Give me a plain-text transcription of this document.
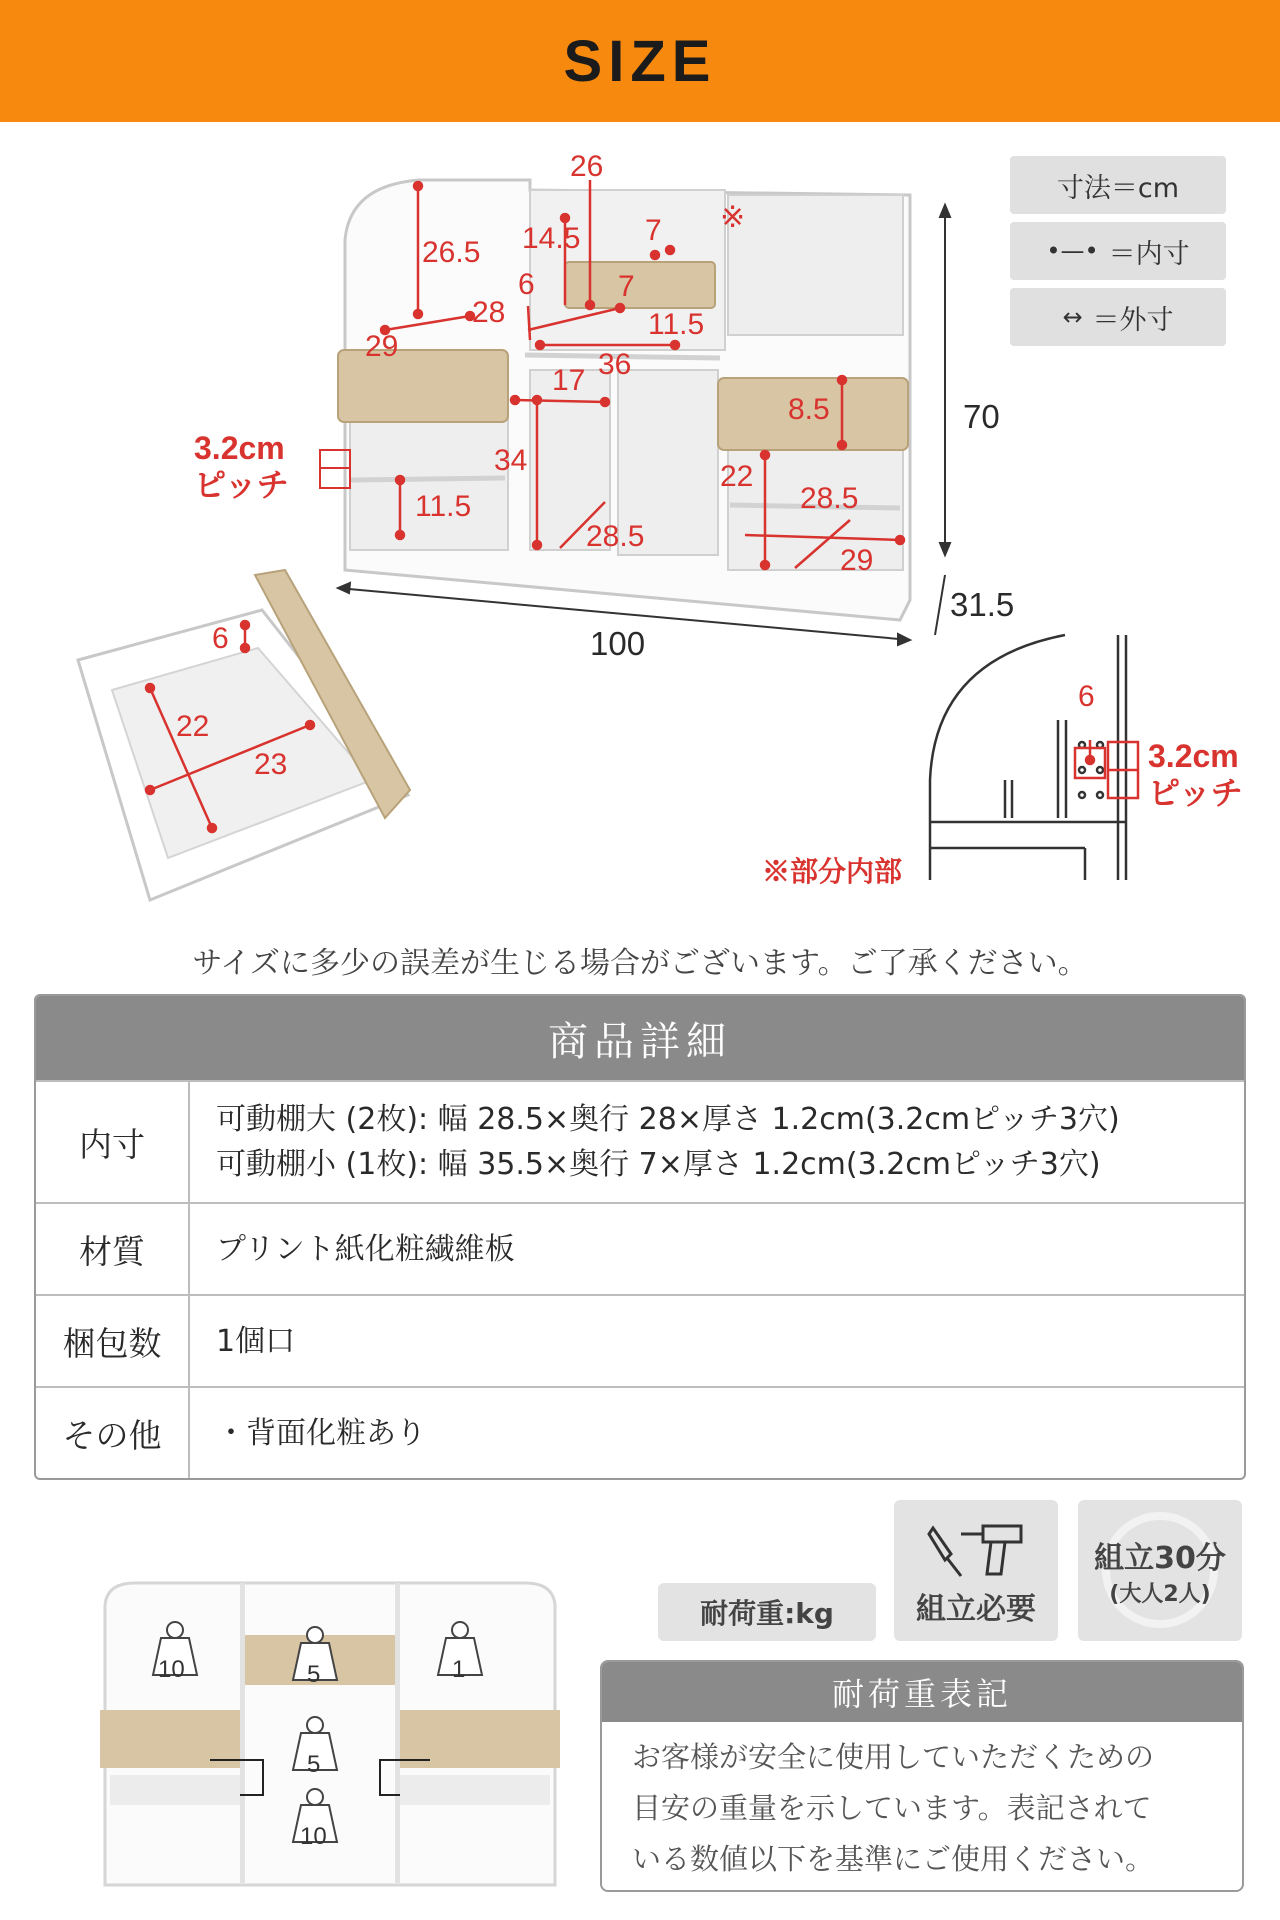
SIZE
寸法＝cm
•—• ＝内寸
↔ ＝外寸
26
26.5 14.5 7 ※
6	7
11.5
28
29
36
17
8.5	70
34	22
28.5
28.5
11.5
29
100
31.5
6
22
23
6
3.2cm
ピッチ
3.2cm
ピッチ
※部分内部
サイズに多少の誤差が生じる場合がございます。ご了承ください。
商品詳細
内寸
可動棚大 (2枚): 幅 28.5×奥行 28×厚さ 1.2cm(3.2cmピッチ3穴)
可動棚小 (1枚): 幅 35.5×奥行 7×厚さ 1.2cm(3.2cmピッチ3穴)
材質	プリント紙化粧繊維板
梱包数	1個口
その他	・背面化粧あり
10	5	1
5
10
耐荷重:kg	組立必要
組立30分
(大人2人)
耐荷重表記
お客様が安全に使用していただくための
目安の重量を示しています。表記されて
いる数値以下を基準にご使用ください。
